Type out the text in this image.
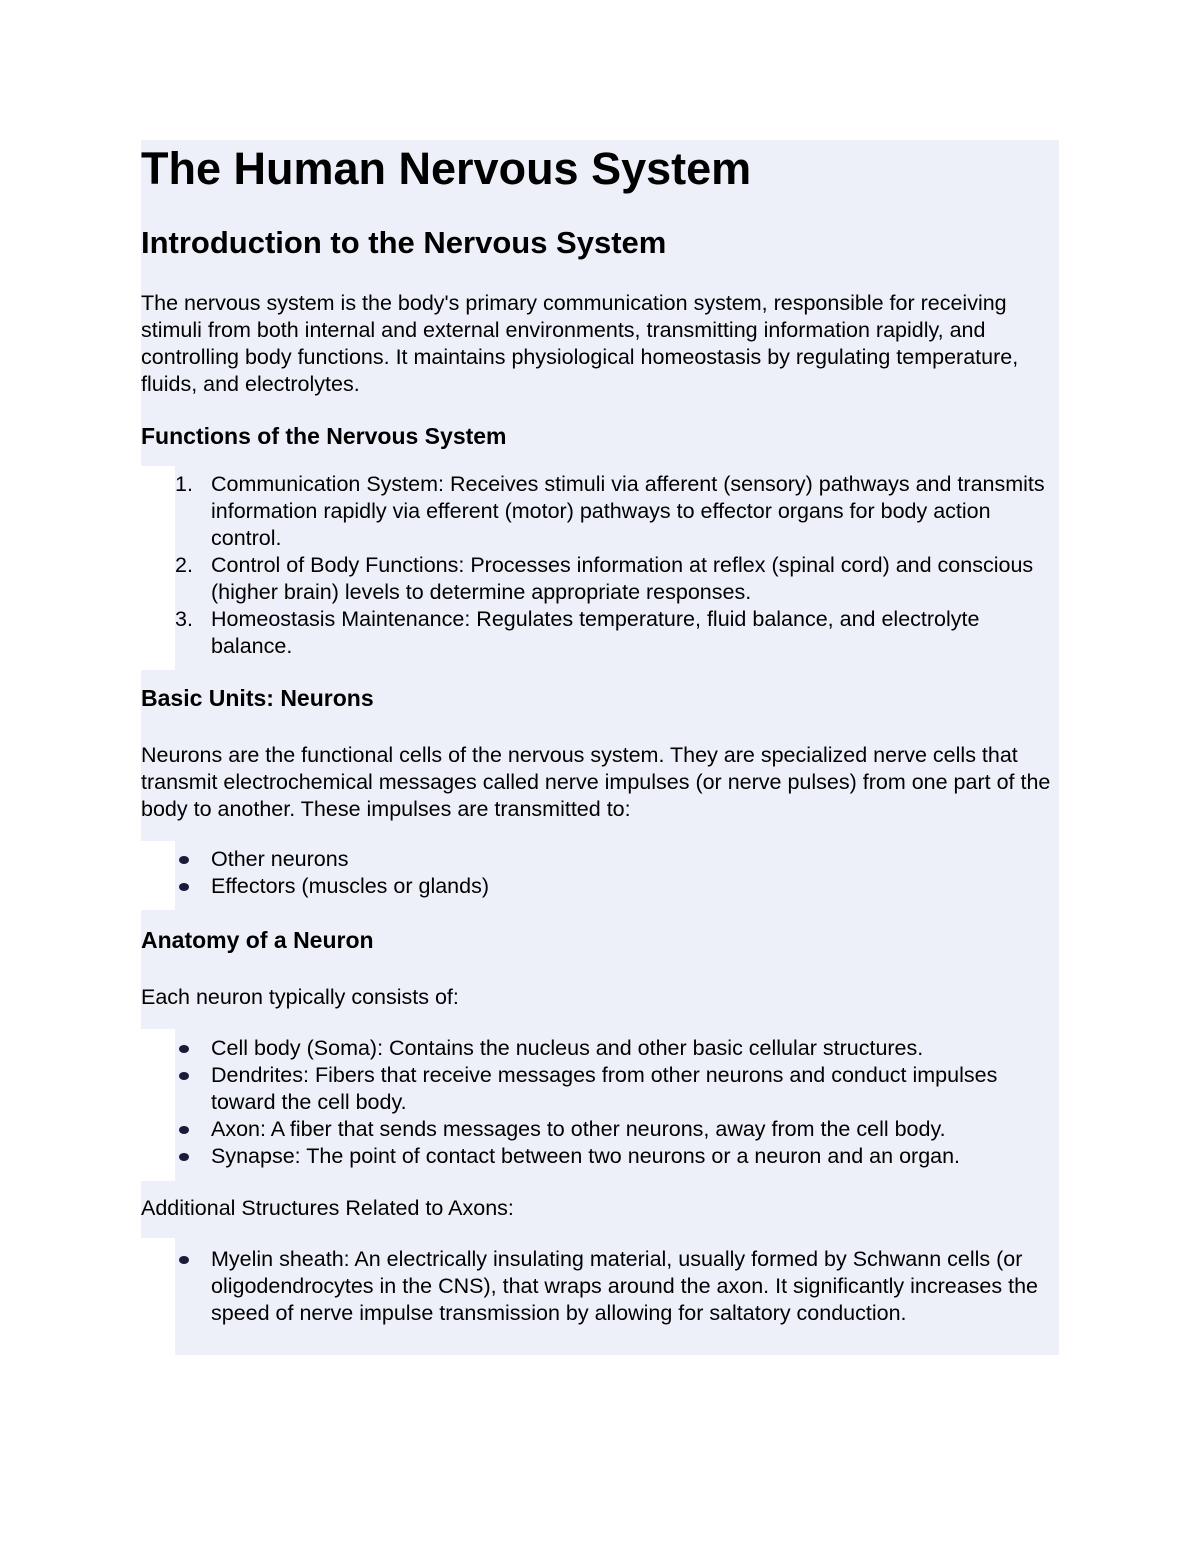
The Human Nervous System
Introduction to the Nervous System

The nervous system is the body's primary communication system, responsible for receiving stimuli from both internal and external environments, transmitting information rapidly, and controlling body functions. It maintains physiological homeostasis by regulating temperature, fluids, and electrolytes.

Functions of the Nervous System
1. Communication System: Receives stimuli via afferent (sensory) pathways and transmits information rapidly via efferent (motor) pathways to effector organs for body action control.
2. Control of Body Functions: Processes information at reflex (spinal cord) and conscious (higher brain) levels to determine appropriate responses.
3. Homeostasis Maintenance: Regulates temperature, fluid balance, and electrolyte balance.
Basic Units: Neurons

Neurons are the functional cells of the nervous system. They are specialized nerve cells that transmit electrochemical messages called nerve impulses (or nerve pulses) from one part of the body to another. These impulses are transmitted to:

Other neurons
Effectors (muscles or glands)
Anatomy of a Neuron

Each neuron typically consists of:

Cell body (Soma): Contains the nucleus and other basic cellular structures.
Dendrites: Fibers that receive messages from other neurons and conduct impulses toward the cell body.
Axon: A fiber that sends messages to other neurons, away from the cell body.
Synapse: The point of contact between two neurons or a neuron and an organ.

Additional Structures Related to Axons:

Myelin sheath: An electrically insulating material, usually formed by Schwann cells (or oligodendrocytes in the CNS), that wraps around the axon. It significantly increases the speed of nerve impulse transmission by allowing for saltatory conduction.
